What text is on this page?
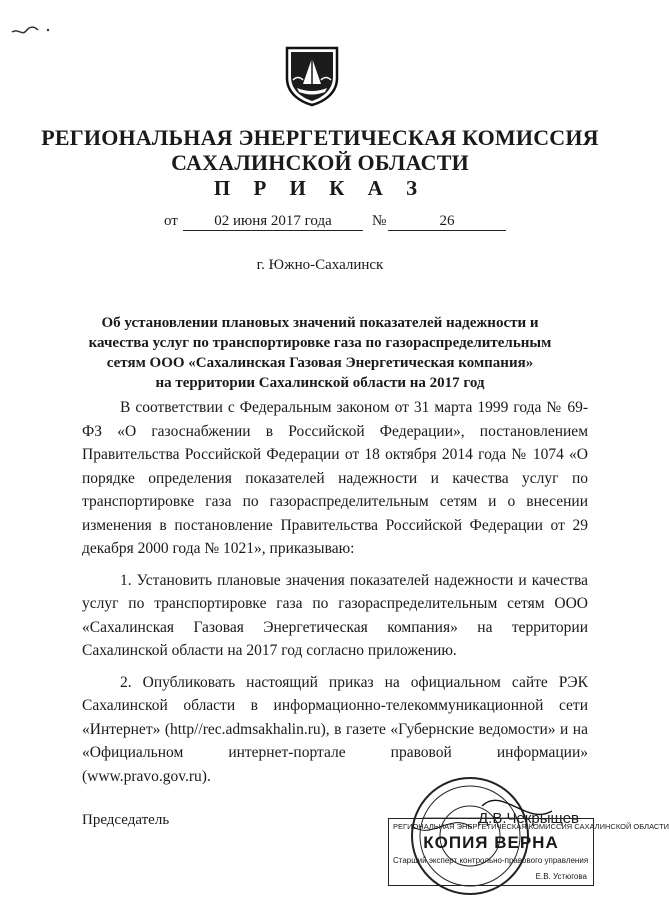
РЕГИОНАЛЬНАЯ ЭНЕРГЕТИЧЕСКАЯ КОМИССИЯ
САХАЛИНСКОЙ ОБЛАСТИ
П Р И К А З
от	02 июня 2017 года	№	26
г. Южно-Сахалинск
Об установлении плановых значений показателей надежности и
качества услуг по транспортировке газа по газораспределительным
сетям ООО «Сахалинская Газовая Энергетическая компания»
на территории Сахалинской области на 2017 год

В соответствии с Федеральным законом от 31 марта 1999 года № 69-ФЗ «О газоснабжении в Российской Федерации», постановлением Правительства Российской Федерации от 18 октября 2014 года № 1074 «О порядке определения показателей надежности и качества услуг по транспортировке газа по газораспределительным сетям и о внесении изменения в постановление Правительства Российской Федерации от 29 декабря 2000 года № 1021», приказываю:

1. Установить плановые значения показателей надежности и качества услуг по транспортировке газа по газораспределительным сетям ООО «Сахалинская Газовая Энергетическая компания» на территории Сахалинской области на 2017 год согласно приложению.

2. Опубликовать настоящий приказ на официальном сайте РЭК Сахалинской области в информационно-телекоммуникационной сети «Интернет» (http//rec.admsakhalin.ru), в газете «Губернские ведомости» и на «Официальном интернет-портале правовой информации» (www.pravo.gov.ru).

Председатель	Д.В.Чекрыщев
РЕГИОНАЛЬНАЯ ЭНЕРГЕТИЧЕСКАЯ КОМИССИЯ САХАЛИНСКОЙ ОБЛАСТИ
КОПИЯ ВЕРНА
Старший эксперт контрольно-правового управления
Е.В. Устюгова
